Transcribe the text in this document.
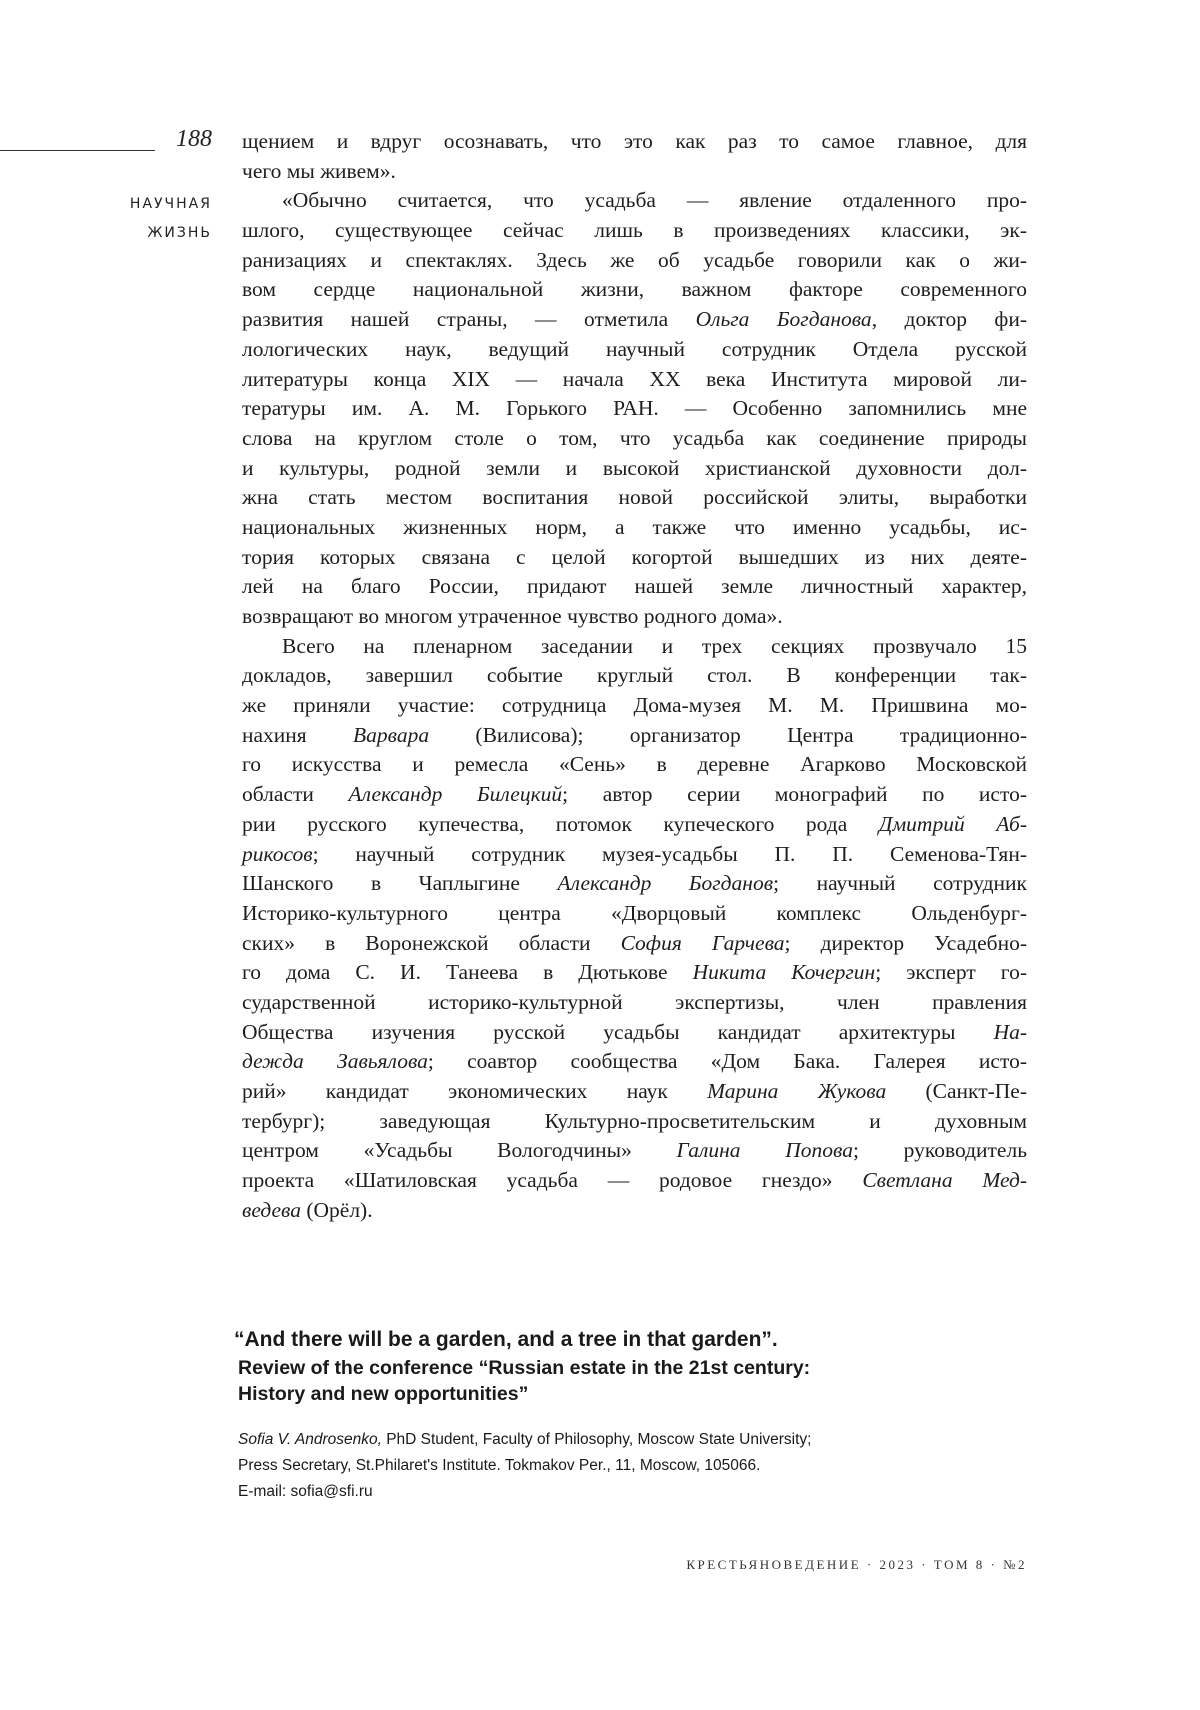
188
НАУЧНАЯ
ЖИЗНЬ
щением и вдруг осознавать, что это как раз то самое главное, для
чего мы живем».
«Обычно считается, что усадьба — явление отдаленного про-
шлого, существующее сейчас лишь в произведениях классики, эк-
ранизациях и спектаклях. Здесь же об усадьбе говорили как о жи-
вом сердце национальной жизни, важном факторе современного
развития нашей страны, — отметила Ольга Богданова, доктор фи-
лологических наук, ведущий научный сотрудник Отдела русской
литературы конца XIX — начала XX века Института мировой ли-
тературы им. А. М. Горького РАН. — Особенно запомнились мне
слова на круглом столе о том, что усадьба как соединение природы
и культуры, родной земли и высокой христианской духовности дол-
жна стать местом воспитания новой российской элиты, выработки
национальных жизненных норм, а также что именно усадьбы, ис-
тория которых связана с целой когортой вышедших из них деяте-
лей на благо России, придают нашей земле личностный характер,
возвращают во многом утраченное чувство родного дома».
Всего на пленарном заседании и трех секциях прозвучало 15
докладов, завершил событие круглый стол. В конференции так-
же приняли участие: сотрудница Дома-музея М. М. Пришвина мо-
нахиня Варвара (Вилисова); организатор Центра традиционно-
го искусства и ремесла «Сень» в деревне Агарково Московской
области Александр Билецкий; автор серии монографий по исто-
рии русского купечества, потомок купеческого рода Дмитрий Аб-
рикосов; научный сотрудник музея-усадьбы П. П. Семенова-Тян-
Шанского в Чаплыгине Александр Богданов; научный сотрудник
Историко-культурного центра «Дворцовый комплекс Ольденбург-
ских» в Воронежской области София Гарчева; директор Усадебно-
го дома С. И. Танеева в Дютькове Никита Кочергин; эксперт го-
сударственной историко-культурной экспертизы, член правления
Общества изучения русской усадьбы кандидат архитектуры На-
дежда Завьялова; соавтор сообщества «Дом Бака. Галерея исто-
рий» кандидат экономических наук Марина Жукова (Санкт-Пе-
тербург); заведующая Культурно-просветительским и духовным
центром «Усадьбы Вологодчины» Галина Попова; руководитель
проекта «Шатиловская усадьба — родовое гнездо» Светлана Мед-
ведева (Орёл).
“And there will be a garden, and a tree in that garden”.
Review of the conference “Russian estate in the 21st century:
History and new opportunities”
Sofia V. Androsenko, PhD Student, Faculty of Philosophy, Moscow State University;
Press Secretary, St.Philaret's Institute. Tokmakov Per., 11, Moscow, 105066.
E-mail: sofia@sfi.ru
КРЕСТЬЯНОВЕДЕНИЕ · 2023 · ТОМ 8 · №2
